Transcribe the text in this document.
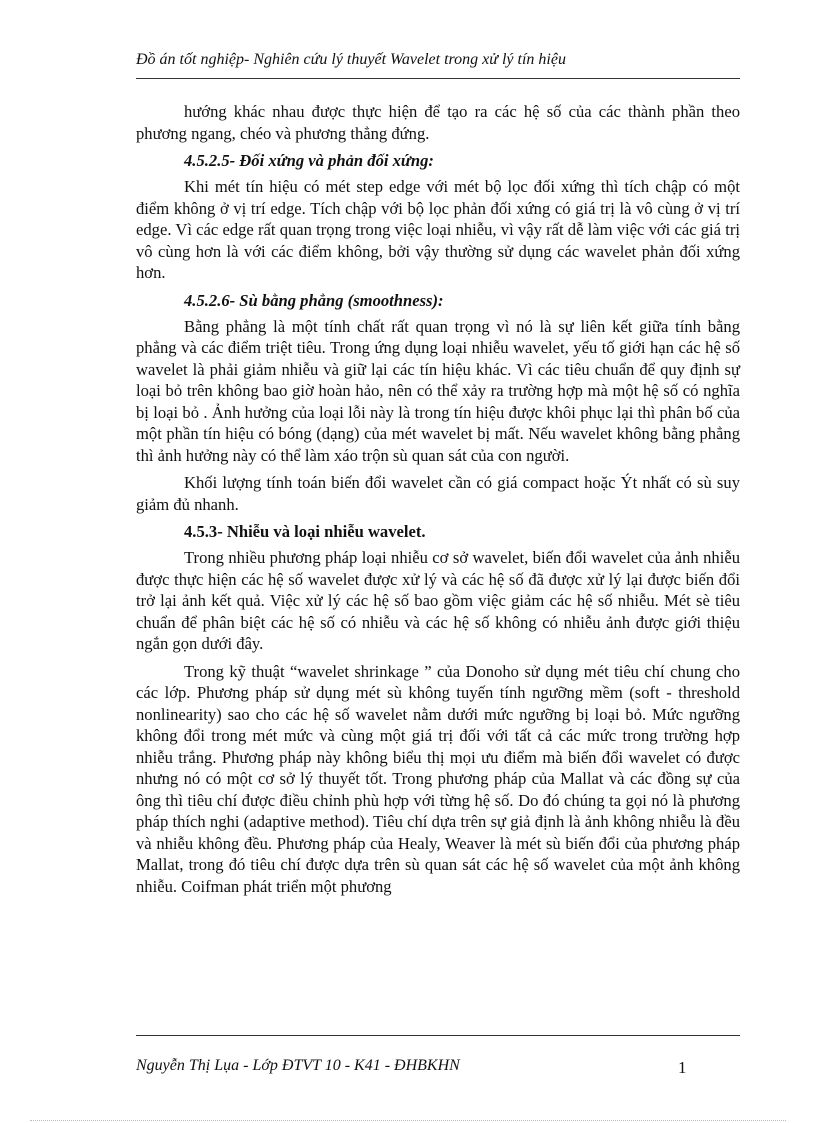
Đồ án tốt nghiệp- Nghiên cứu lý thuyết Wavelet trong xử lý tín hiệu

hướng khác nhau được thực hiện để tạo ra các hệ số của các thành phần theo phương ngang, chéo và phương thẳng đứng.

4.5.2.5- Đối xứng và phản đối xứng:

Khi mét tín hiệu có mét step edge với mét bộ lọc đối xứng thì tích chập có một điểm không ở vị trí edge. Tích chập với bộ lọc phản đối xứng có giá trị là vô cùng ở vị trí edge. Vì các edge rất quan trọng trong việc loại nhiễu, vì vậy rất dễ làm việc với các giá trị vô cùng hơn là với các điểm không, bởi vậy thường sử dụng các wavelet phản đối xứng hơn.

4.5.2.6- Sù bằng phẳng (smoothness):

Bằng phẳng là một tính chất rất quan trọng vì nó là sự liên kết giữa tính bằng phẳng và các điểm triệt tiêu. Trong ứng dụng loại nhiễu wavelet, yếu tố giới hạn các hệ số wavelet là phải giảm nhiễu và giữ lại các tín hiệu khác. Vì các tiêu chuẩn để quy định sự loại bỏ trên không bao giờ hoàn hảo, nên có thể xảy ra trường hợp mà một hệ số có nghĩa bị loại bỏ . Ảnh hưởng của loại lỗi này là trong tín hiệu được khôi phục lại thì phân bố của một phần tín hiệu có bóng (dạng) của mét wavelet bị mất. Nếu wavelet không bằng phẳng thì ảnh hưởng này có thể làm xáo trộn sù quan sát của con người.

Khối lượng tính toán biến đổi wavelet cần có giá compact hoặc Ýt nhất có sù suy giảm đủ nhanh.

4.5.3- Nhiễu và loại nhiễu wavelet.

Trong nhiều phương pháp loại nhiễu cơ sở wavelet, biến đổi wavelet của ảnh nhiễu được thực hiện các hệ số wavelet được xử lý và các hệ số đã được xử lý lại được biến đổi trở lại ảnh kết quả. Việc xử lý các hệ số bao gồm việc giảm các hệ số nhiễu. Mét sè tiêu chuẩn để phân biệt các hệ số có nhiễu và các hệ số không có nhiễu ảnh được giới thiệu ngắn gọn dưới đây.

Trong kỹ thuật “wavelet shrinkage ” của Donoho sử dụng mét tiêu chí chung cho các lớp. Phương pháp sử dụng mét sù không tuyến tính ngưỡng mềm (soft - threshold nonlinearity) sao cho các hệ số wavelet nằm dưới mức ngưỡng bị loại bỏ. Mức ngưỡng không đổi trong mét mức và cùng một giá trị đối với tất cả các mức trong trường hợp nhiễu trắng. Phương pháp này không biểu thị mọi ưu điểm mà biến đổi wavelet có được nhưng nó có một cơ sở lý thuyết tốt. Trong phương pháp của Mallat và các đồng sự của ông thì tiêu chí được điều chỉnh phù hợp với từng hệ số. Do đó chúng ta gọi nó là phương pháp thích nghi (adaptive method). Tiêu chí dựa trên sự giả định là ảnh không nhiễu là đều và nhiễu không đều. Phương pháp của Healy, Weaver là mét sù biến đổi của phương pháp Mallat, trong đó tiêu chí được dựa trên sù quan sát các hệ số wavelet của một ảnh không nhiễu. Coifman phát triển một phương

Nguyễn Thị Lụa - Lớp ĐTVT 10 - K41 - ĐHBKHN	1
